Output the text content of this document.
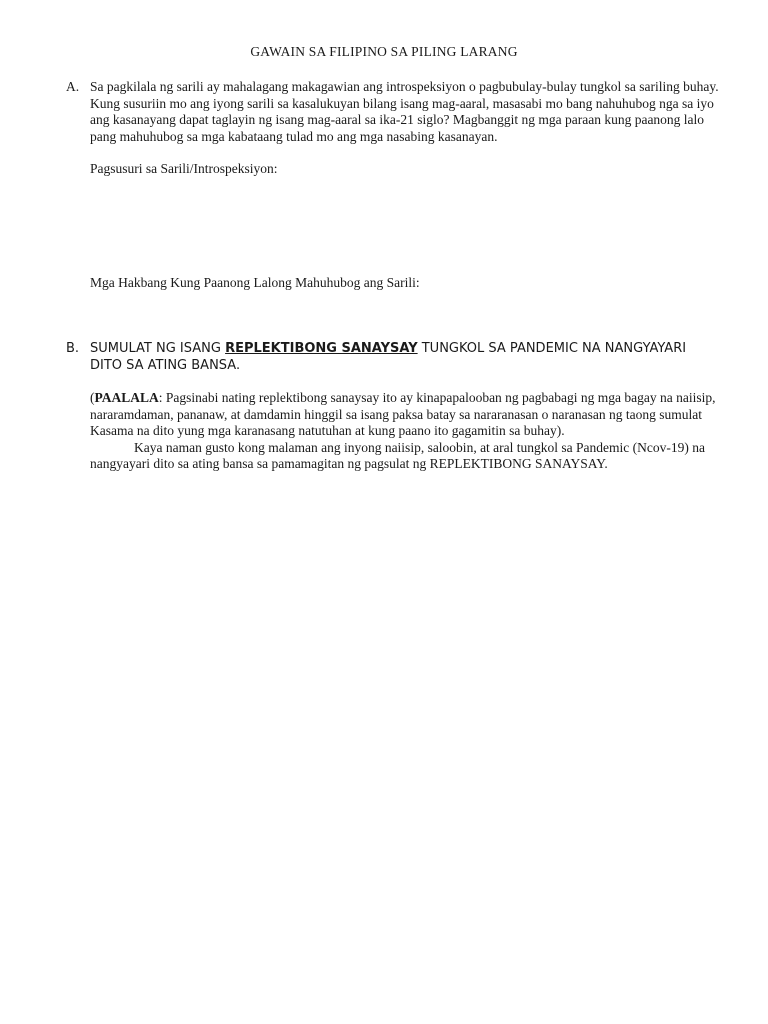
GAWAIN SA FILIPINO SA PILING LARANG
A. Sa pagkilala ng sarili ay mahalagang makagawian ang introspeksiyon o pagbubulay-bulay tungkol sa sariling buhay. Kung susuriin mo ang iyong sarili sa kasalukuyan bilang isang mag-aaral, masasabi mo bang nahuhubog nga sa iyo ang kasanayang dapat taglayin ng isang mag-aaral sa ika-21 siglo? Magbanggit ng mga paraan kung paanong lalo pang mahuhubog sa mga kabataang tulad mo ang mga nasabing kasanayan.
Pagsusuri sa Sarili/Introspeksiyon:
Mga Hakbang Kung Paanong Lalong Mahuhubog ang Sarili:
B. SUMULAT NG ISANG REPLEKTIBONG SANAYSAY TUNGKOL SA PANDEMIC NA NANGYAYARI DITO SA ATING BANSA.
(PAALALA: Pagsinabi nating replektibong sanaysay ito ay kinapapalooban ng pagbabagi ng mga bagay na naiisip, nararamdaman, pananaw, at damdamin hinggil sa isang paksa batay sa nararanasan o naranasan ng taong sumulat Kasama na dito yung mga karanasang natutuhan at kung paano ito gagamitin sa buhay).
Kaya naman gusto kong malaman ang inyong naiisip, saloobin, at aral tungkol sa Pandemic (Ncov-19) na nangyayari dito sa ating bansa sa pamamagitan ng pagsulat ng REPLEKTIBONG SANAYSAY.
